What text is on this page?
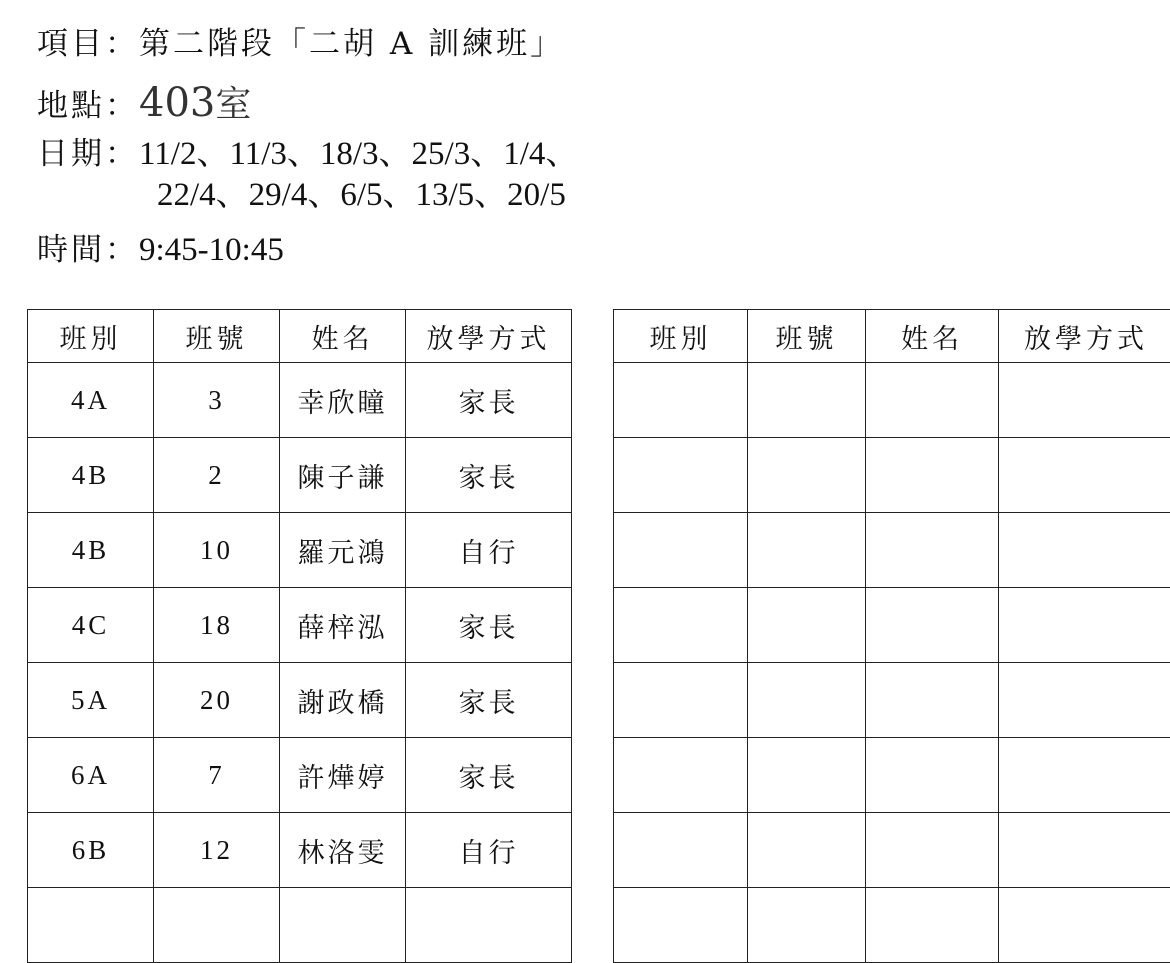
項目：第二階段「二胡 A 訓練班」
地點：403室
日期：11/2、11/3、18/3、25/3、1/4、
22/4、29/4、6/5、13/5、20/5
時間：9:45-10:45
班別	班號	姓名	放學方式
4A	3	幸欣瞳	家長
4B	2	陳子謙	家長
4B	10	羅元鴻	自行
4C	18	薛梓泓	家長
5A	20	謝政橋	家長
6A	7	許燁婷	家長
6B	12	林洛雯	自行

班別	班號	姓名	放學方式
